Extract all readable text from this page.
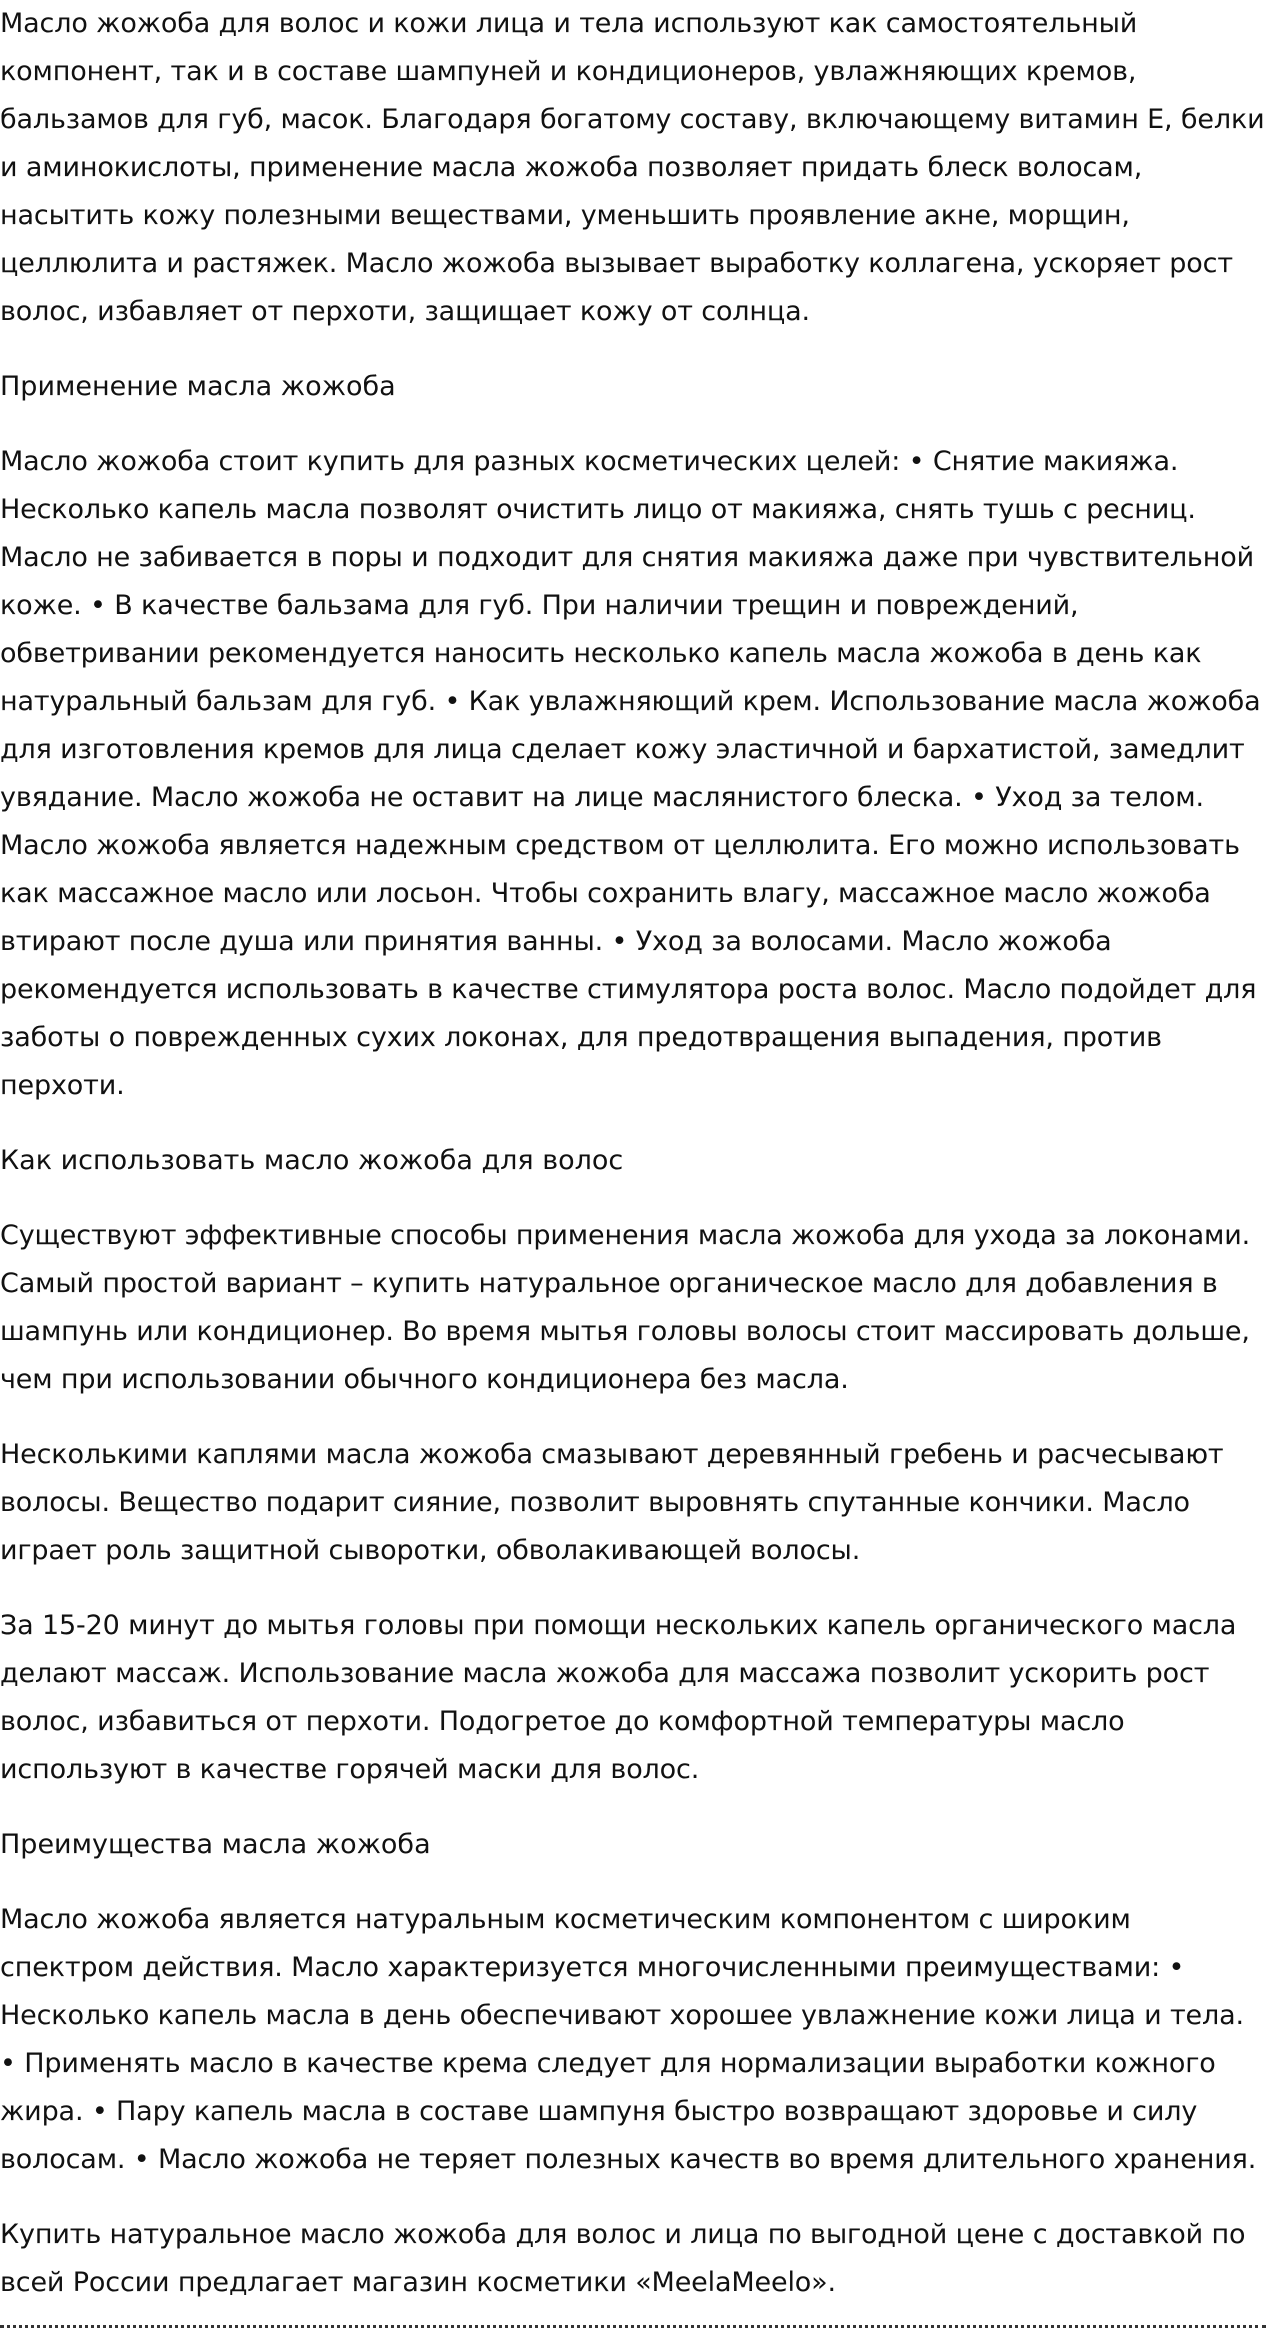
Масло жожоба для волос и кожи лица и тела используют как самостоятельный компонент, так и в составе шампуней и кондиционеров, увлажняющих кремов, бальзамов для губ, масок. Благодаря богатому составу, включающему витамин Е, белки и аминокислоты, применение масла жожоба позволяет придать блеск волосам, насытить кожу полезными веществами, уменьшить проявление акне, морщин, целлюлита и растяжек. Масло жожоба вызывает выработку коллагена, ускоряет рост волос, избавляет от перхоти, защищает кожу от солнца.

Применение масла жожоба

Масло жожоба стоит купить для разных косметических целей: • Снятие макияжа. Несколько капель масла позволят очистить лицо от макияжа, снять тушь с ресниц. Масло не забивается в поры и подходит для снятия макияжа даже при чувствительной коже. • В качестве бальзама для губ. При наличии трещин и повреждений, обветривании рекомендуется наносить несколько капель масла жожоба в день как натуральный бальзам для губ. • Как увлажняющий крем. Использование масла жожоба для изготовления кремов для лица сделает кожу эластичной и бархатистой, замедлит увядание. Масло жожоба не оставит на лице маслянистого блеска. • Уход за телом. Масло жожоба является надежным средством от целлюлита. Его можно использовать как массажное масло или лосьон. Чтобы сохранить влагу, массажное масло жожоба втирают после душа или принятия ванны. • Уход за волосами. Масло жожоба рекомендуется использовать в качестве стимулятора роста волос. Масло подойдет для заботы о поврежденных сухих локонах, для предотвращения выпадения, против перхоти.

Как использовать масло жожоба для волос

Существуют эффективные способы применения масла жожоба для ухода за локонами. Самый простой вариант – купить натуральное органическое масло для добавления в шампунь или кондиционер. Во время мытья головы волосы стоит массировать дольше, чем при использовании обычного кондиционера без масла.

Несколькими каплями масла жожоба смазывают деревянный гребень и расчесывают волосы. Вещество подарит сияние, позволит выровнять спутанные кончики. Масло играет роль защитной сыворотки, обволакивающей волосы.

За 15-20 минут до мытья головы при помощи нескольких капель органического масла делают массаж. Использование масла жожоба для массажа позволит ускорить рост волос, избавиться от перхоти. Подогретое до комфортной температуры масло используют в качестве горячей маски для волос.

Преимущества масла жожоба

Масло жожоба является натуральным косметическим компонентом с широким спектром действия. Масло характеризуется многочисленными преимуществами: • Несколько капель масла в день обеспечивают хорошее увлажнение кожи лица и тела. • Применять масло в качестве крема следует для нормализации выработки кожного жира. • Пару капель масла в составе шампуня быстро возвращают здоровье и силу волосам. • Масло жожоба не теряет полезных качеств во время длительного хранения.

Купить натуральное масло жожоба для волос и лица по выгодной цене с доставкой по всей России предлагает магазин косметики «MeelaMeelo».
